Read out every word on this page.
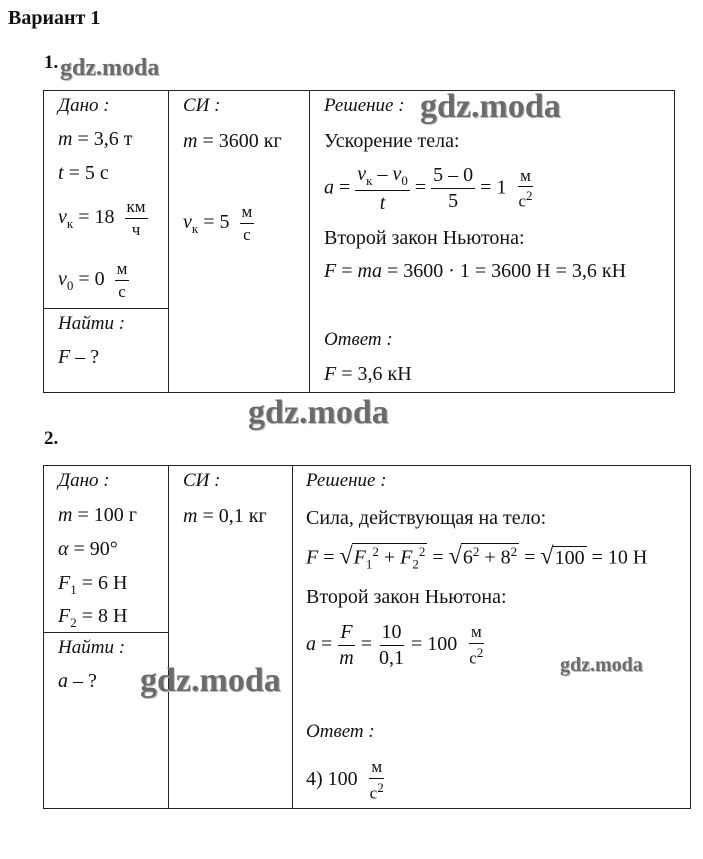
Вариант 1
1. gdz.moda
Дано :
m = 3,6 т
t = 5 с
$v_к = 18 \frac{км}{ч}$
$v_0 = 0 \frac{м}{с}$
Найти :
F – ?
СИ :
m = 3600 кг
$v_к = 5 \frac{м}{с}$
Решение : gdz.moda
Ускорение тела:
$a = \frac{v_к - v_0}{t} = \frac{5 - 0}{5} = 1 \frac{м}{с^2}$
Второй закон Ньютона:
F = ma = 3600 · 1 = 3600 Н = 3,6 кН
Ответ :
F = 3,6 кН
gdz.moda
2.
Дано :
m = 100 г
α = 90°
$F_1 = 6$ Н
$F_2 = 8$ Н
Найти :
a – ?
СИ :
m = 0,1 кг
Решение :
Сила, действующая на тело:
$F = √F_1^2 + F_2^2 = √6^2 + 8^2 = √100 = 10$ Н
Второй закон Ньютона:
$a = \frac{F}{m} = \frac{10}{0,1} = 100 \frac{м}{с^2}$	gdz.moda
gdz.moda
Ответ :
4) $100 \frac{м}{с^2}$
